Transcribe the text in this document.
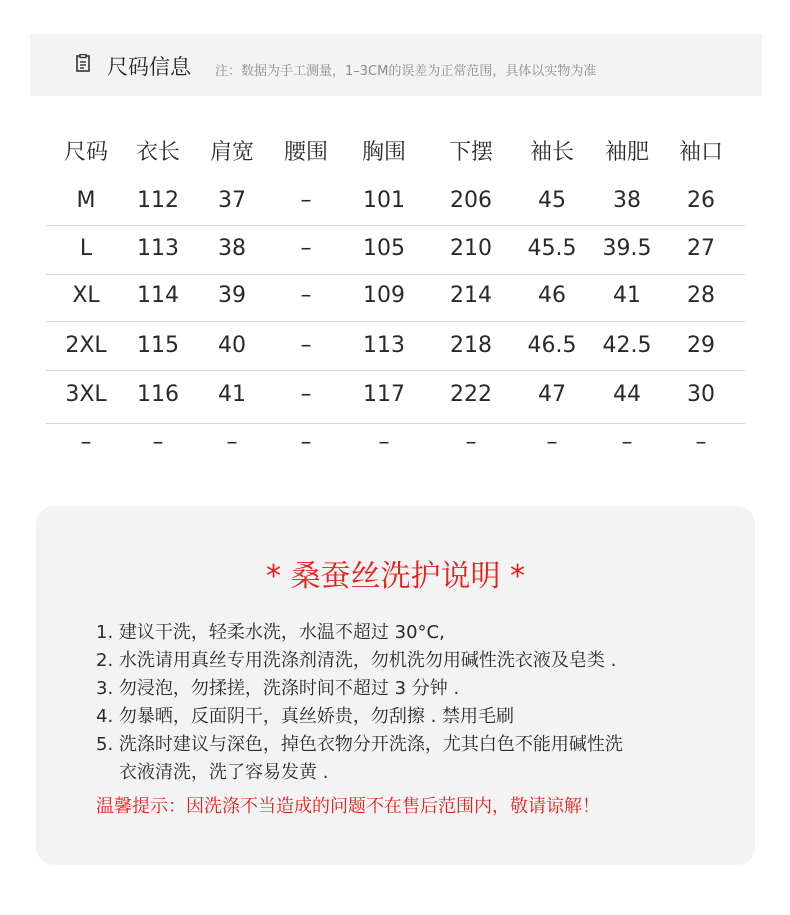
尺码信息 注：数据为手工测量，1–3CM的误差为正常范围，具体以实物为准
尺码 衣长 肩宽 腰围 胸围 下摆 袖长 袖肥 袖口
M 112 37 – 101 206 45 38 26
L 113 38 – 105 210 45.5 39.5 27
XL 114 39 – 109 214 46 41 28
2XL 115 40 – 113 218 46.5 42.5 29
3XL 116 41 – 117 222 47 44 30
–	–	–	–	–	–	–	–	–
* 桑蚕丝洗护说明 *
1. 建议干洗，轻柔水洗，水温不超过 30°C,
2. 水洗请用真丝专用洗涤剂清洗，勿机洗勿用碱性洗衣液及皂类 .
3. 勿浸泡，勿揉搓，洗涤时间不超过 3 分钟 .
4. 勿暴晒，反面阴干，真丝娇贵，勿刮擦 . 禁用毛刷
5. 洗涤时建议与深色，掉色衣物分开洗涤，尤其白色不能用碱性洗
衣液清洗，洗了容易发黄 .
温馨提示：因洗涤不当造成的问题不在售后范围内，敬请谅解！
